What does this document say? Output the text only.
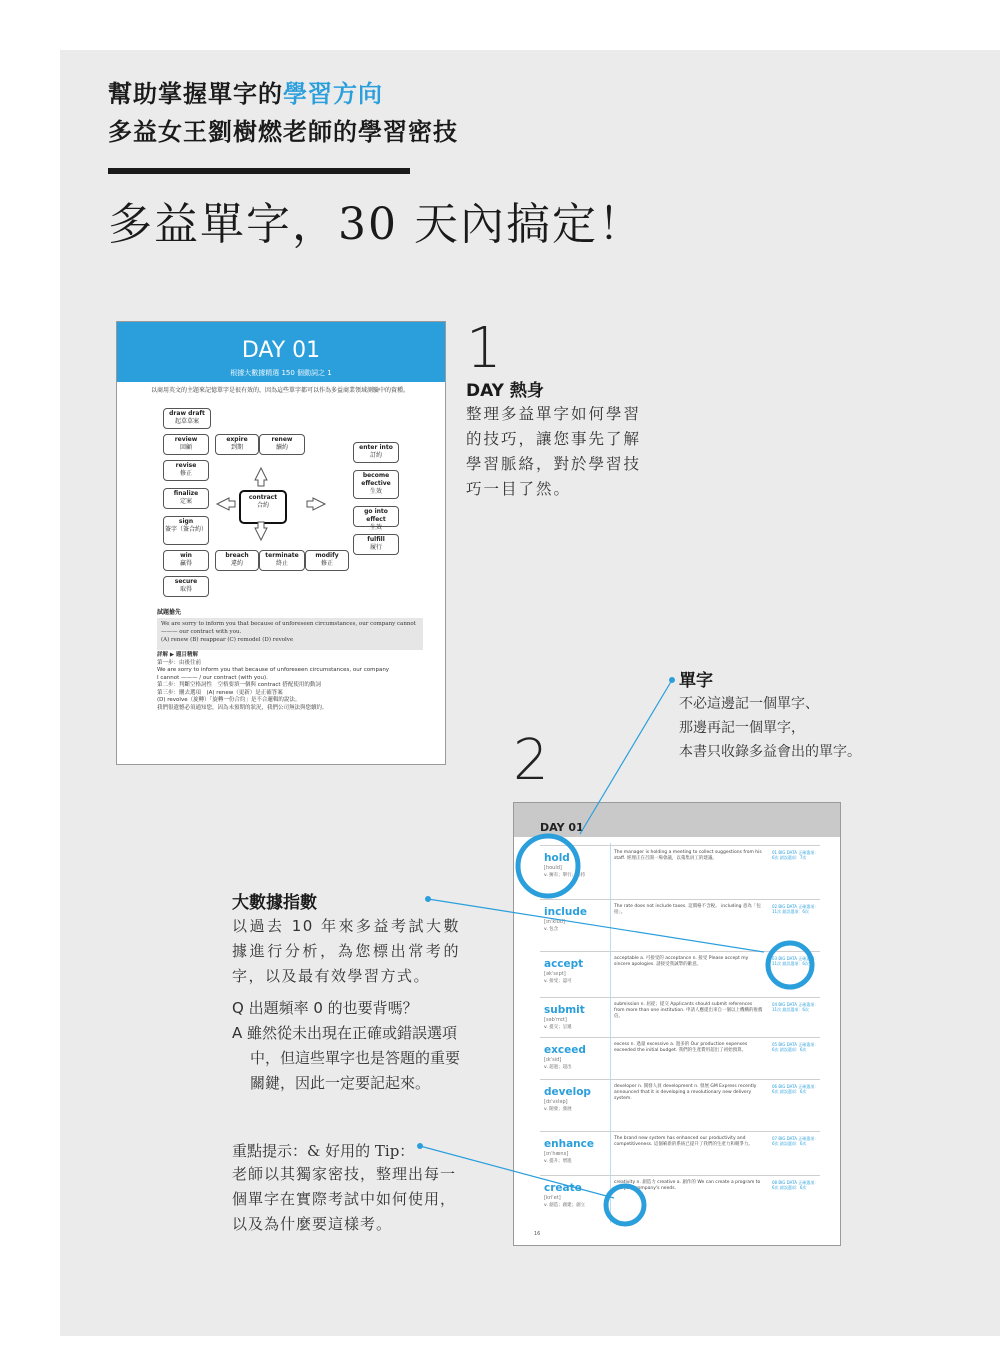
幫助掌握單字的學習方向
多益女王劉樹燃老師的學習密技
多益單字，30 天內搞定！
DAY 01
根據大數據精選 150 個動詞之 1
以商用英文的主題來記憶單字是很有效的，因為這些單字都可以作為多益商業領域測驗中的資種。
draw draft
起草草案
review
回顧
expire
到期
renew
續約	enter into
訂約
revise
修正	become effective
生效
finalize
定案
go into effect
生效
sign
簽字（簽合約）
fulfill
履行
win
贏得
breach
違約
terminate
終止
modify
修正
secure
取得
contract
合約
試題搶先
We are sorry to inform you that because of unforeseen circumstances, our company cannot ——— our contract with you.
(A) renew (B) reappear (C) remodel (D) revolve
詳解 ▶ 題目精解
第一步：由後往前
We are sorry to inform you that because of unforeseen circumstances, our company
I cannot ——— / our contract (with you).
第二步：判斷空格詞性　空格要填一個與 contract 搭配使用的動詞
第三步：刪去選項　(A) renew（更新）是正確答案
(D) revolve（旋轉）「旋轉一份合約」是不合邏輯的說法。
我們很遺憾必須通知您，因為未預期的狀況，我們公司無法與您續約。
1
DAY 熱身
整理多益單字如何學習的技巧，讓您事先了解學習脈絡，對於學習技巧一目了然。
2
單字
不必這邊記一個單字、
那邊再記一個單字，
本書只收錄多益會出的單字。
大數據指數
以過去 10 年來多益考試大數據進行分析，為您標出常考的字，以及最有效學習方式。
Q 出題頻率 0 的也要背嗎？
A 雖然從未出現在正確或錯誤選項
中，但這些單字也是答題的重要關鍵，因此一定要記起來。
重點提示：& 好用的 Tip：
老師以其獨家密技，整理出每一個單字在實際考試中如何使用，以及為什麼要這樣考。
DAY 01
hold
[hould]
v. 擁有；舉行；維持
The manager is holding a meeting to collect suggestions from his staff. 經理正在召開一場會議，以蒐集員工的建議。
01 BIG DATA 正確選項：6次 錯誤選項：7次
include
[ɪnˈklud]
v. 包含
The rate does not include taxes. 這價格不含稅。 including 意為「包括」。
02 BIG DATA 正確選項：11次 錯誤選項：6次
accept
[əkˈsɛpt]
v. 接受；認可
acceptable a. 可接受的 acceptance n. 接受 Please accept my sincere apologies. 請接受我誠摯的歉意。
03 BIG DATA 正確選項：11次 錯誤選項：6次
submit
[səbˈmɪt]
v. 提交；呈遞
submission n. 屈從；提交 Applicants should submit references from more than one institution. 申請人應提出來自一個以上機構的推薦信。
04 BIG DATA 正確選項：11次 錯誤選項：6次
exceed
[ɪkˈsid]
v. 超過；超出
excess n. 過量 excessive a. 過多的 Our production expenses exceeded the initial budget. 我們的生產費用超出了初始預算。
05 BIG DATA 正確選項：6次 錯誤選項：6次
develop
[dɪˈvɛləp]
v. 開發；發展
developer n. 開發人員 development n. 發展 GM Express recently announced that it is developing a revolutionary new delivery system.
06 BIG DATA 正確選項：6次 錯誤選項：6次
enhance
[ɪnˈhæns]
v. 提升；增進
The brand new system has enhanced our productivity and competitiveness. 這個嶄新的系統已提升了我們的生產力和競爭力。
07 BIG DATA 正確選項：6次 錯誤選項：6次
create
[kriˈet]
v. 創造；創建；創立
creativity n. 創造力 creative a. 創作的 We can create a program to suit your company's needs.
08 BIG DATA 正確選項：6次 錯誤選項：6次
16
